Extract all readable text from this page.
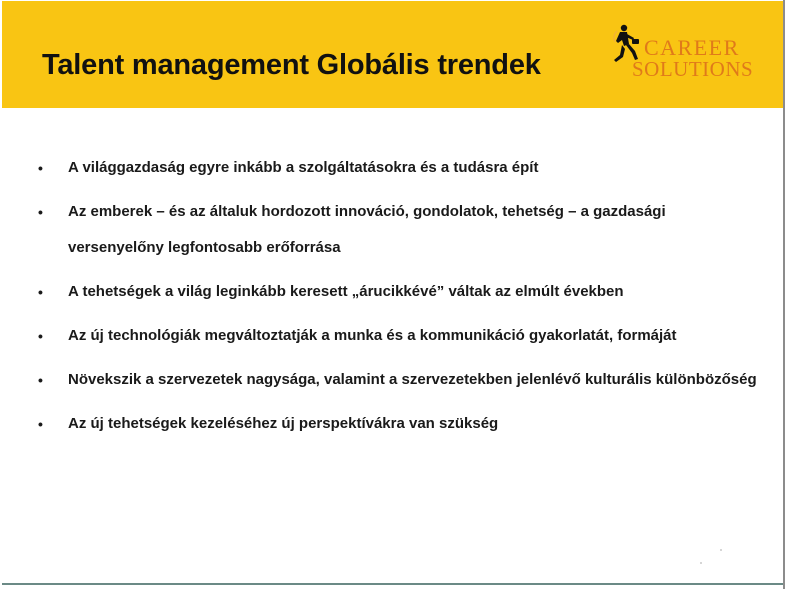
Talent management Globális trendek
CAREER
SOLUTIONS
• A világgazdaság egyre inkább a szolgáltatásokra és a tudásra épít
• Az emberek – és az általuk hordozott innováció, gondolatok, tehetség – a gazdasági versenyelőny legfontosabb erőforrása
• A tehetségek a világ leginkább keresett „árucikkévé” váltak az elmúlt években
• Az új technológiák megváltoztatják a munka és a kommunikáció gyakorlatát, formáját
• Növekszik a szervezetek nagysága, valamint a szervezetekben jelenlévő kulturális különbözőség
• Az új tehetségek kezeléséhez új perspektívákra van szükség
